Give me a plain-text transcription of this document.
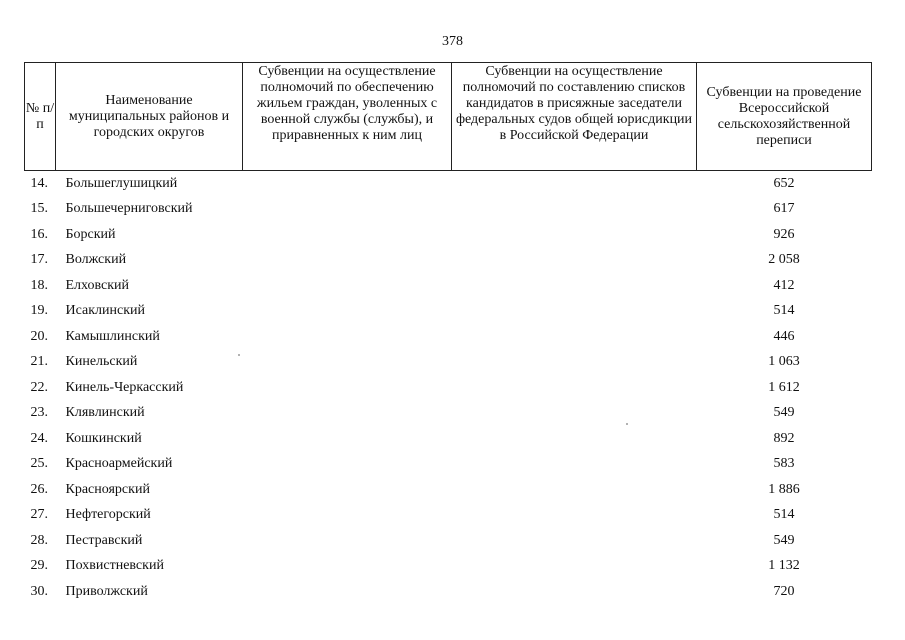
378
№ п/п	Наименование муниципальных районов и городских округов	Субвенции на осуществление полномочий по обеспечению жильем граждан, уволенных с военной службы (службы), и приравненных к ним лиц	Субвенции на осуществление полномочий по составлению списков кандидатов в присяжные заседатели федеральных судов общей юрисдикции в Российской Федерации	Субвенции на проведение Всероссийской сельскохозяйственной переписи
14.	Большеглушицкий			652
15.	Большечерниговский			617
16.	Борский			926
17.	Волжский			2 058
18.	Елховский			412
19.	Исаклинский			514
20.	Камышлинский			446
21.	Кинельский			1 063
22.	Кинель-Черкасский			1 612
23.	Клявлинский			549
24.	Кошкинский			892
25.	Красноармейский			583
26.	Красноярский			1 886
27.	Нефтегорский			514
28.	Пестравский			549
29.	Похвистневский			1 132
30.	Приволжский			720
